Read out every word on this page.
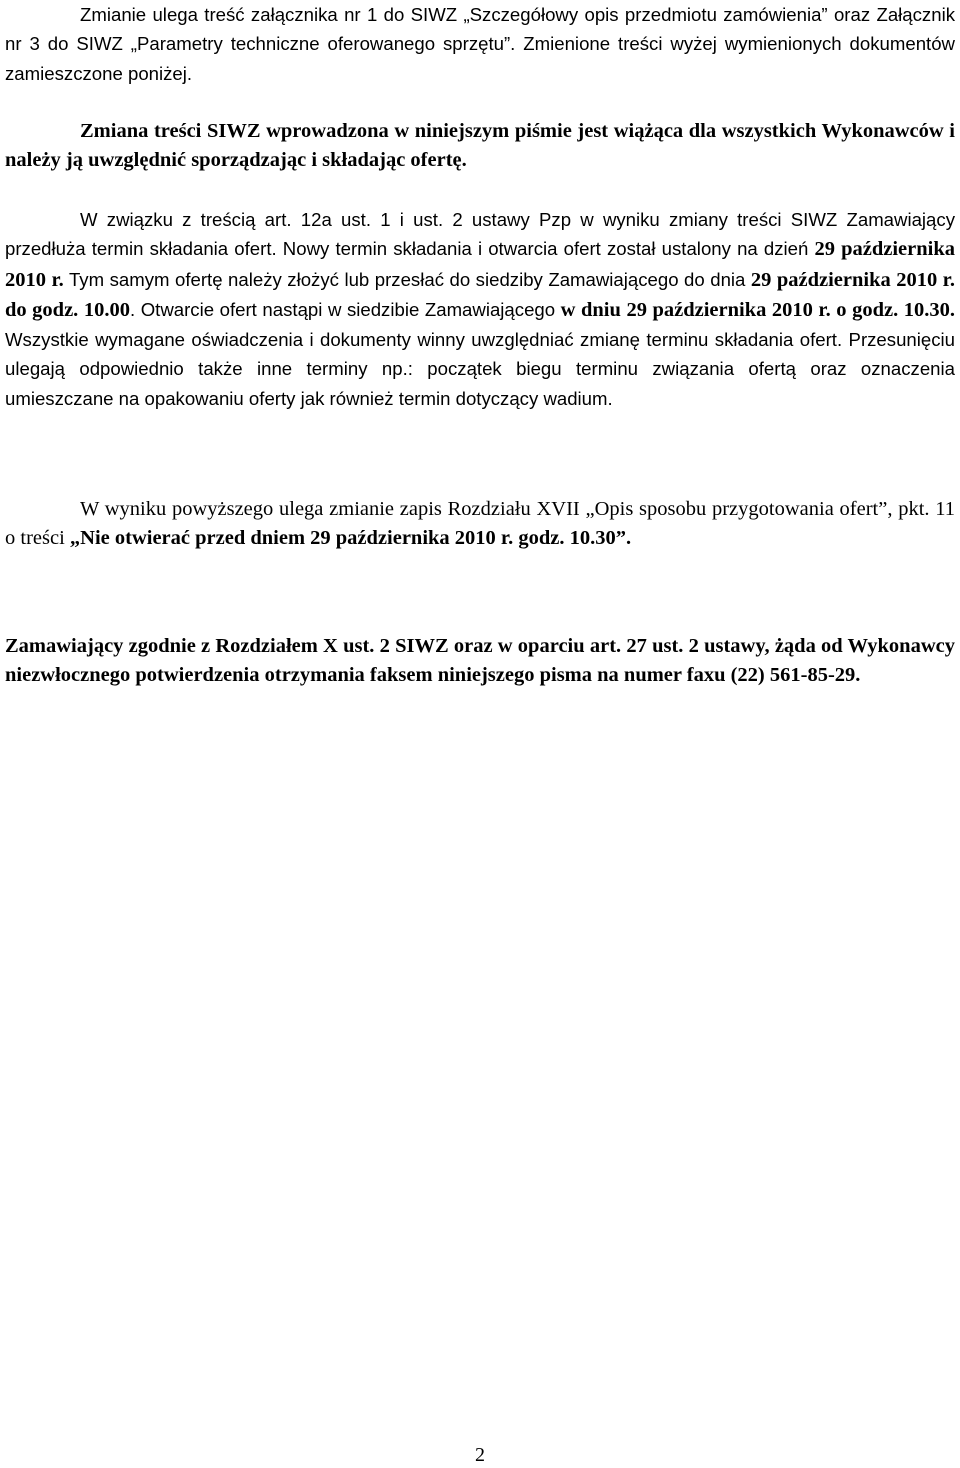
Zmianie ulega treść załącznika nr 1 do SIWZ „Szczegółowy opis przedmiotu zamówienia” oraz Załącznik nr 3 do SIWZ „Parametry techniczne oferowanego sprzętu”. Zmienione treści wyżej wymienionych dokumentów zamieszczone poniżej.

Zmiana treści SIWZ wprowadzona w niniejszym piśmie jest wiążąca dla wszystkich Wykonawców i należy ją uwzględnić sporządzając i składając ofertę.

W związku z treścią art. 12a ust. 1 i ust. 2 ustawy Pzp w wyniku zmiany treści SIWZ Zamawiający przedłuża termin składania ofert. Nowy termin składania i otwarcia ofert został ustalony na dzień 29 października 2010 r. Tym samym ofertę należy złożyć lub przesłać do siedziby Zamawiającego do dnia 29 października 2010 r. do godz. 10.00. Otwarcie ofert nastąpi w siedzibie Zamawiającego w dniu 29 października 2010 r. o godz. 10.30. Wszystkie wymagane oświadczenia i dokumenty winny uwzględniać zmianę terminu składania ofert. Przesunięciu ulegają odpowiednio także inne terminy np.: początek biegu terminu związania ofertą oraz oznaczenia umieszczane na opakowaniu oferty jak również termin dotyczący wadium.

W wyniku powyższego ulega zmianie zapis Rozdziału XVII „Opis sposobu przygotowania ofert”, pkt. 11 o treści „Nie otwierać przed dniem 29 października 2010 r. godz. 10.30”.

Zamawiający zgodnie z Rozdziałem X ust. 2 SIWZ oraz w oparciu art. 27 ust. 2 ustawy, żąda od Wykonawcy niezwłocznego potwierdzenia otrzymania faksem niniejszego pisma na numer faxu (22) 561-85-29.

2
